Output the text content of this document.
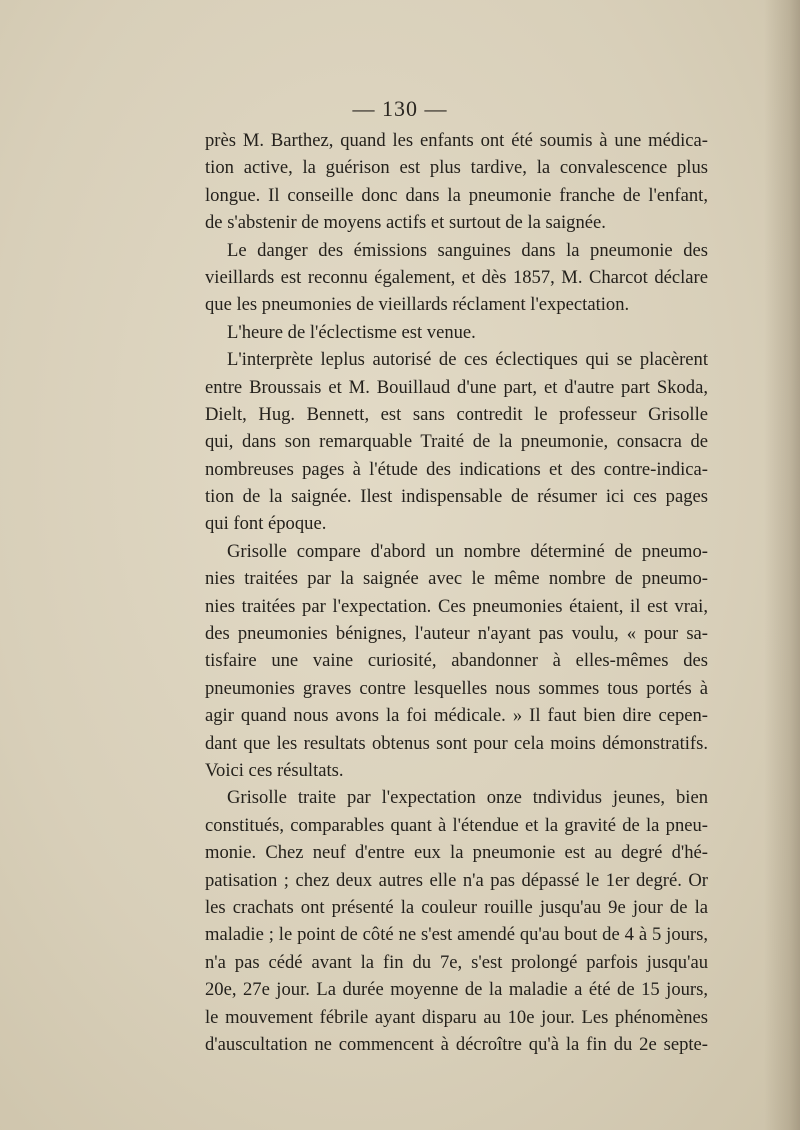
— 130 —
près M. Barthez, quand les enfants ont été soumis à une médica-
tion active, la guérison est plus tardive, la convalescence plus
longue. Il conseille donc dans la pneumonie franche de l'enfant,
de s'abstenir de moyens actifs et surtout de la saignée.
Le danger des émissions sanguines dans la pneumonie des
vieillards est reconnu également, et dès 1857, M. Charcot déclare
que les pneumonies de vieillards réclament l'expectation.
L'heure de l'éclectisme est venue.
L'interprète leplus autorisé de ces éclectiques qui se placèrent
entre Broussais et M. Bouillaud d'une part, et d'autre part Skoda,
Dielt, Hug. Bennett, est sans contredit le professeur Grisolle
qui, dans son remarquable Traité de la pneumonie, consacra de
nombreuses pages à l'étude des indications et des contre-indica-
tion de la saignée. Ilest indispensable de résumer ici ces pages
qui font époque.
Grisolle compare d'abord un nombre déterminé de pneumo-
nies traitées par la saignée avec le même nombre de pneumo-
nies traitées par l'expectation. Ces pneumonies étaient, il est vrai,
des pneumonies bénignes, l'auteur n'ayant pas voulu, « pour sa-
tisfaire une vaine curiosité, abandonner à elles-mêmes des
pneumonies graves contre lesquelles nous sommes tous portés à
agir quand nous avons la foi médicale. » Il faut bien dire cepen-
dant que les resultats obtenus sont pour cela moins démonstratifs.
Voici ces résultats.
Grisolle traite par l'expectation onze tndividus jeunes, bien
constitués, comparables quant à l'étendue et la gravité de la pneu-
monie. Chez neuf d'entre eux la pneumonie est au degré d'hé-
patisation ; chez deux autres elle n'a pas dépassé le 1er degré. Or
les crachats ont présenté la couleur rouille jusqu'au 9e jour de la
maladie ; le point de côté ne s'est amendé qu'au bout de 4 à 5 jours,
n'a pas cédé avant la fin du 7e, s'est prolongé parfois jusqu'au
20e, 27e jour. La durée moyenne de la maladie a été de 15 jours,
le mouvement fébrile ayant disparu au 10e jour. Les phénomènes
d'auscultation ne commencent à décroître qu'à la fin du 2e septe-
